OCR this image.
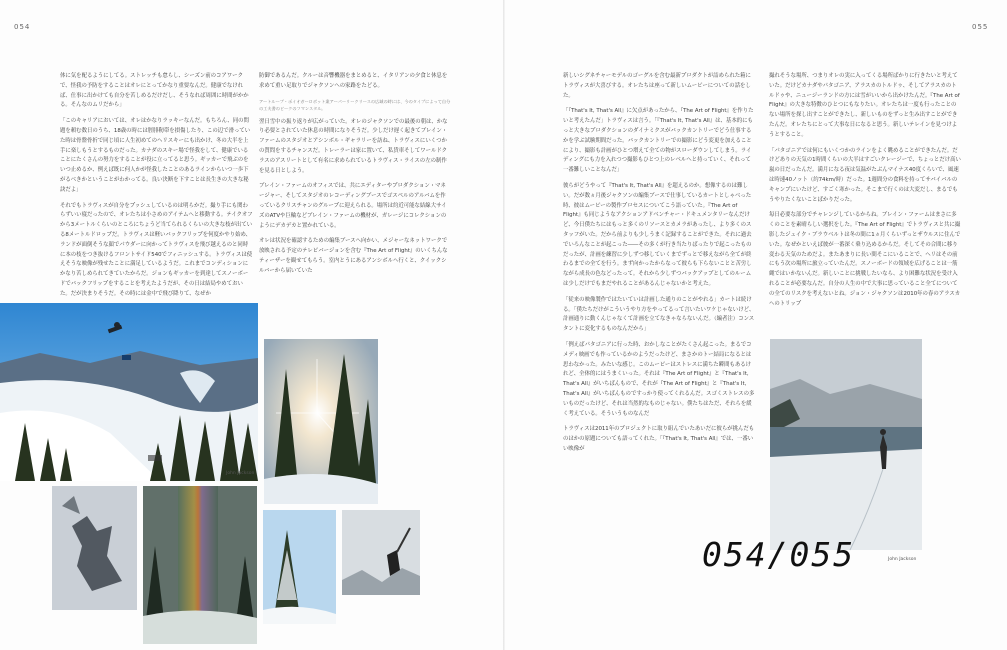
054	055

体に気を配るようにしてる。ストレッチも怠らし、シーズン前のコアワークで、怪我の予防をすることはオレにとってかなり重要なんだ。健康でなければ、仕事に出かけても自分を苦しめるだけだし、そうなれば周囲に時間がかかる。そんなのムリだから」

「このキャリアにおいては、オレはかなりラッキーなんだ。もちろん、同の問題を頼む数日のうち、18歳の時には脛腓靭帯を損傷したり、この辺で滑っていた時は骨盤骨折で同じ頃に人生初めてのヘリスキーにも出かけ、冬の大半を上手に楽しもうとするものだった。カナダのスキー場で怪我をして、健康でいることにたくさんの努力をすることが役に立ってると思う。ギッカーで飛ぶのをいつ止めるか、例えば既に何人かが怪我したことのあるラインからいつ一歩下がるべきかということがわかってる。良い決断を下すことは長生きの大きな秘訣だよ」

それでもトラヴィスが自分をプッシュしているのは明らかだ。撮り手にも関わらずいい寝だったので、オレたちは小さめのアイテムへと移動する。テイクオフから3メートルくらいのところにちょうど当てられるくらいの大きな枝が出ている8メートルドロップだ。トラヴィスは軽いバックフリップを何度かやり始め、ランドが面倒そうな顔でパウダーに向かってトラヴィスを飛び越えるのと同時に本の枝をつき抜けるフロントサイド540でフィニッシュする。トラヴィスは使えそうな映像が残せたことに満足しているようだ。これまでコンディションにかなり苦しめられてきていたからだ。ジョンもギッカーを到達してスノーボードでバックフリップをすることを考えたようだが、その日は結局やめておいた。だが決まりそうだ。その時には金中で飛び降りて、なぜか

防御であるんだ。クルーは音響機器をまとめると、イタリアンの夕食と休息を求めて重い足取りでジャクソンへの家路をたどる。

アートループ・ポイオガーロボット業アーパーリークリースの広域の時には、今のタイプによって自分の工夫書のピークのフマンスタル。

翌日雪中の振り返りが広がっていた。オレのジャクソンでの最後の朝は、かなり必要とされていた休息の時間になりそうだ。少しだけ遅く起きてブレイン・ファームのスタジオとアシンボル・ギャラリーを訪ね、トラヴィスにいくつかの質問をするチャンスだ。トレーラーは家に置いて、私貨車そしてワールドクラスのアスリートとして有名に求められているトラヴィス・ライスの左の制作を見る日としよう。

ブレイン・ファームのオフィスでは、共にエディターやプロダクション・マネージャー、そしてスタジオのレコーディングブースでゴスペルのアルバムを作っているクリスチャンのグループに迎えられる。場所は約近可能な結線大サイズのATVや巨輪などブレイン・ファームの機材が、ガレージにコレクションのようにデカデカと置かれている。

オレは状況を確認するための編集ブースへ向かい、メジャーなネットワークで放映される予定のテレビバージョンを含む『The Art of Flight』のいくちんなティーザーを観せてもらう。室内とうにあるアンシボルへ行くと、クイックシルバーから届いていた

新しいシグネチャーモデルのゴーグルを含む最新プロダクトが詰められた箱にトラヴィスが大喜びする。オレたちは座って新しいムービーについての話をした。

「『That's It, That's All』に欠点があったから、『The Art of Flight』を作りたいと考えたんだ」トラヴィスは言う。「『That's It, That's All』は、基本的にもっと大きなプロダクションのダイナミクスがバックカントリーでどう仕事するかを学ぶ試験期間だった。バックカントリーでの撮影にどう変更を加えることにより、撮影も計画がひとつ増えて全ての物がスローダウンしてしまう。ライディングにも力を入れつつ撮影もひとつ上のレベルへと持っていく、それって一番難しいことなんだ」

彼らがどうやって『That's It, That's All』を超えるのか。想像するのは難しい。だが数ヵ月後ジャクソンの編集ブースで仕事しているカートとしゃべった時、彼はムービーの製作プロセスについてこう語っていた。『The Art of Flight』も同じようなアクションアドベンチャー・ドキュメンタリーなんだけど、今日僕たちにはもっと多くのリソースとカメラがあったし、より多くのスタッフがいた。だから前よりも少しうまく記録することができた。それに過去でいろんなことが起こった――その多くが行き当たりばったりで起こったものだったが、計画を練習に少しずつ移していくまでずっとで移えながら全てが終わるまでの全てを行う。まず向かったからなって彼らも下らないことと苦労しながら成長の色などったって。それから少しずつバックアップとしてのルームは少しだけでもまだやれることがあるんじゃないかと考えた。

「従来の映像製作ではたいていは計画した通りのことがやれる」カートは続ける。「僕たちだけがこういうやり方をやってるって言いたいワケじゃないけど、計画通りに動くんじゃなくて計画を立てなきゃならないんだ。（編者注）コンスタントに変化するものなんだから」

「例えばパタゴニアに行った時、おかしなことがたくさん起こった。まるでコメディ映画でも作っているかのようだったけど、まさかのトー結局になるとは思わなかった。みたいな感じ。このムービーはストレスに満ちた瞬間もあるけれど、全体的にはうまくいった。それは『The Art of Flight』と『That's It, That's All』がいちばんもので、それが『The Art of Flight』と『That's It, That's All』がいちばんものですっかり使ってくれるんだ。スゴくストレスの多いものだったけど、それは当然的なものじゃない。僕たちはただ、それらを緩く考えている。そういうものなんだ

トラヴィスは2011年のプロジェクトに取り組んでいたあいだに彼らが挑んだものはかの原題についても語ってくれた。「『That's It, That's All』では、一番いい映像が

撮れそうな場所、つまりオレの実に入ってくる場所ばかりに行きたいと考えていた。だけどカナダやパタゴニア、アラスカのトルドゥ、そしてアラスカのトルドゥや、ニュージーランドの方には雪がいいから出かけたんだ。『The Art of Flight』の大きな特徴のひとつにもなりたい。オレたちは一度も行ったことのない場所を探し出すことができたし、新しいものをずっと生み出すことができたんだ。オレたちにとって大事な日になると思う。新しいテレインを見つけようとすること。

「パタゴニアでは何にもいくつかのラインをよく眺めることができたんだ。だけどありの天気の1時間くらいの大半はすごいクレージーで、ちょっとだけ高い嵐の日だったんだ。満月になる夜は気温がたぶんマイナス40度くらいで、風速は時速40ノット（約74km/時）だった。1週間分の食料を持ってサバイバルのキャンプにいたけど、すごく寒かった。そこまで行くのは大変だし、まるでもうやりたくないことばかりだった。

毎日必要な部分でチャレンジしているからね。ブレイン・ファームはまさに多くのことを素晴らしい選択をした。『The Art of Flight』でトラヴィスと共に撮影したジェイク・ブラウベルトは冬の間に1ヵ月くらいずっとザウルスに住んでいた。なぜかといえば彼が一番深く乗り込めるからだ。そしてその合間に移り変わる天気のためだよ。またあまりに長い間そこにいることで、ヘリはその前にもう次の場所に旅立っていたんだ。スノーボードの領域を広げることは一筋縄ではいかないんだ。新しいことに挑戦したいなら、より困難な状況を受け入れることが必要なんだ。自分の人生の中で大事に思っていること全てについての全てのリスクを考えないとね。ジョン・ジャクソンは2010年の春のアラスカへのトリップ

John Jackson
John Jackson
054/055
